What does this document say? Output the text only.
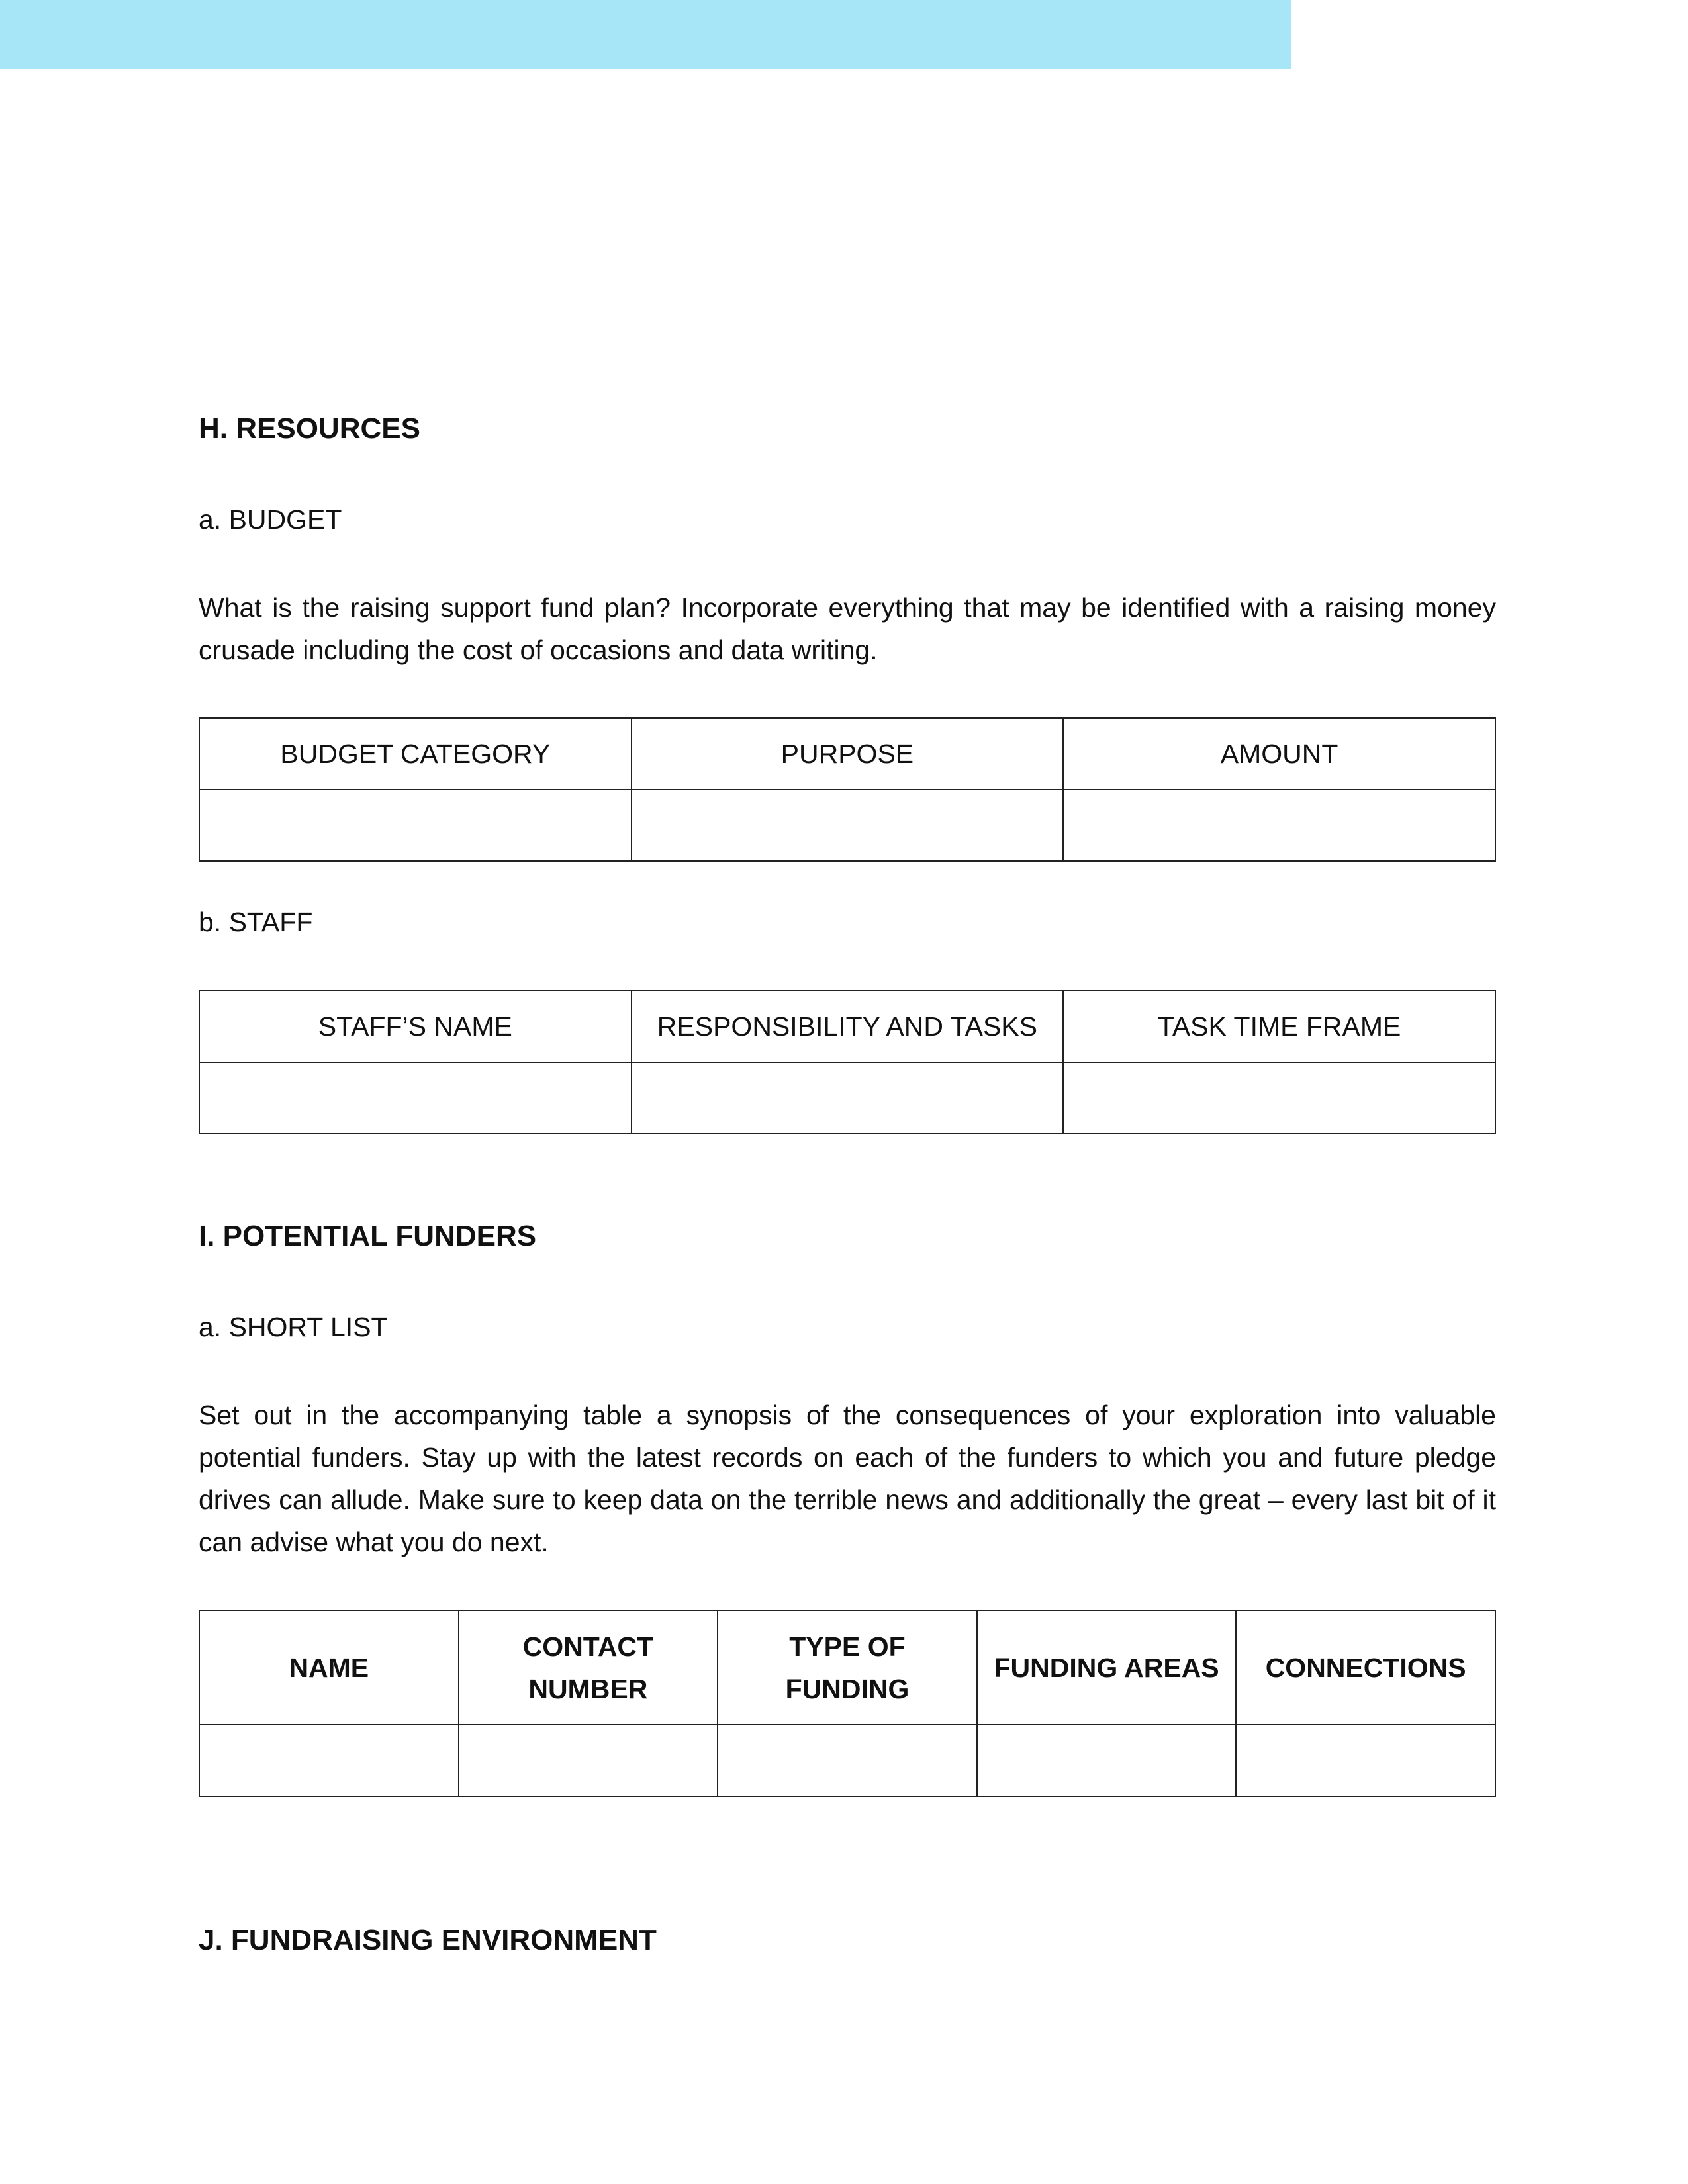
H. RESOURCES
a. BUDGET
What is the raising support fund plan? Incorporate everything that may be identified with a raising money crusade including the cost of occasions and data writing.
BUDGET CATEGORY	PURPOSE	AMOUNT

b. STAFF
STAFF’S NAME	RESPONSIBILITY AND TASKS	TASK TIME FRAME

I. POTENTIAL FUNDERS
a. SHORT LIST
Set out in the accompanying table a synopsis of the consequences of your exploration into valuable potential funders. Stay up with the latest records on each of the funders to which you and future pledge drives can allude. Make sure to keep data on the terrible news and additionally the great – every last bit of it can advise what you do next.
NAME	CONTACT NUMBER	TYPE OF FUNDING	FUNDING AREAS	CONNECTIONS

J. FUNDRAISING ENVIRONMENT
